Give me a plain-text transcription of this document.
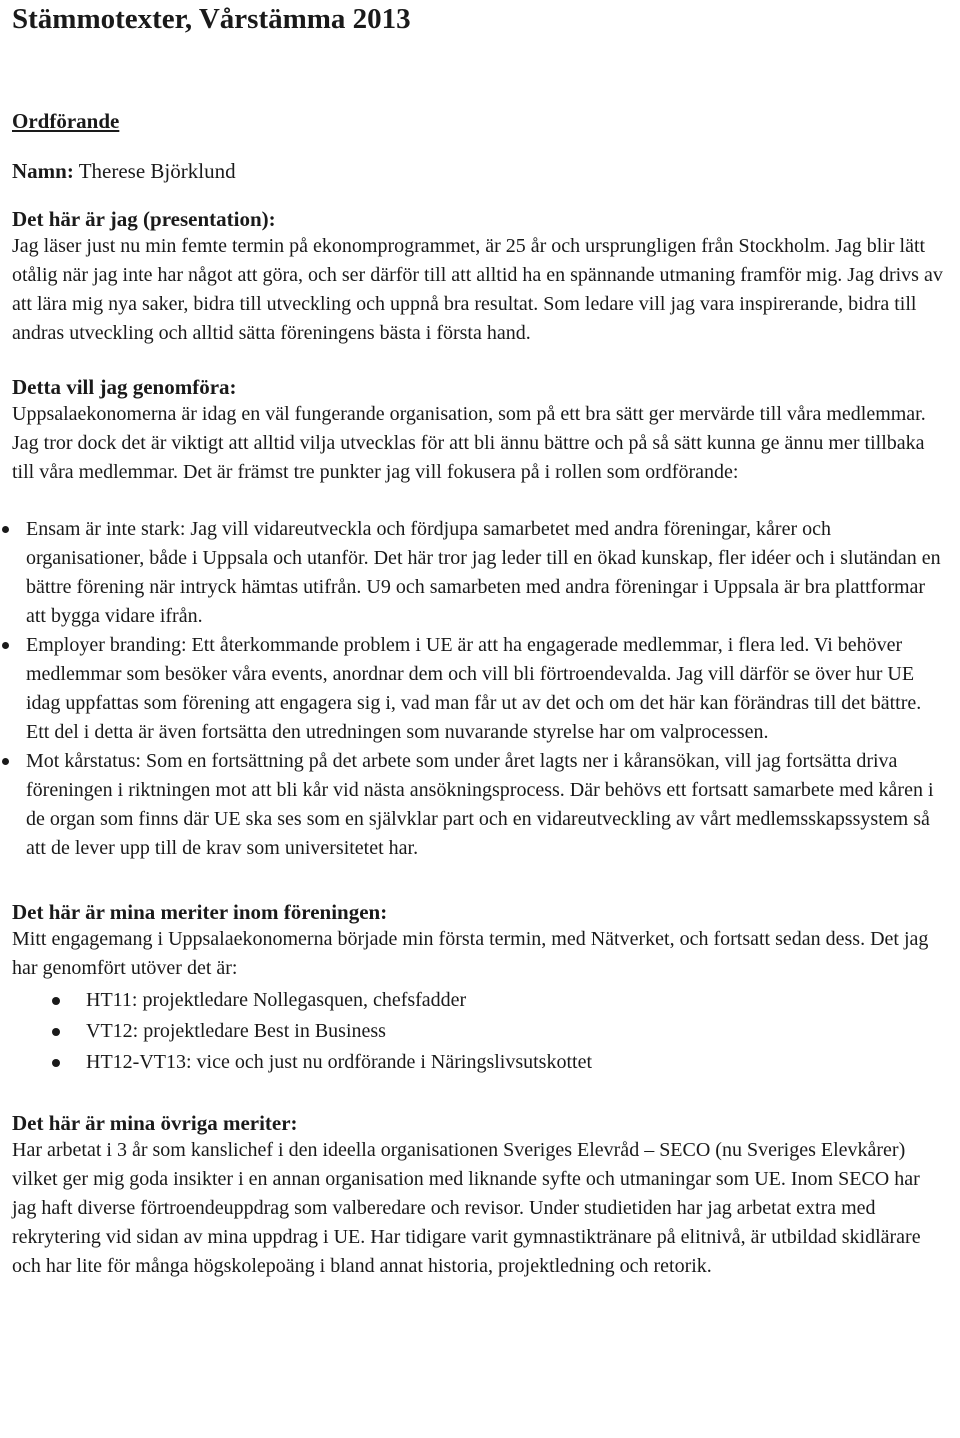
Stämmotexter, Vårstämma 2013
Ordförande
Namn: Therese Björklund
Det här är jag (presentation):

Jag läser just nu min femte termin på ekonomprogrammet, är 25 år och ursprungligen från Stockholm. Jag blir lätt otålig när jag inte har något att göra, och ser därför till att alltid ha en spännande utmaning framför mig. Jag drivs av att lära mig nya saker, bidra till utveckling och uppnå bra resultat. Som ledare vill jag vara inspirerande, bidra till andras utveckling och alltid sätta föreningens bästa i första hand.

Detta vill jag genomföra:

Uppsalaekonomerna är idag en väl fungerande organisation, som på ett bra sätt ger mervärde till våra medlemmar. Jag tror dock det är viktigt att alltid vilja utvecklas för att bli ännu bättre och på så sätt kunna ge ännu mer tillbaka till våra medlemmar. Det är främst tre punkter jag vill fokusera på i rollen som ordförande:

Ensam är inte stark: Jag vill vidareutveckla och fördjupa samarbetet med andra föreningar, kårer och organisationer, både i Uppsala och utanför. Det här tror jag leder till en ökad kunskap, fler idéer och i slutändan en bättre förening när intryck hämtas utifrån. U9 och samarbeten med andra föreningar i Uppsala är bra plattformar att bygga vidare ifrån.
Employer branding: Ett återkommande problem i UE är att ha engagerade medlemmar, i flera led. Vi behöver medlemmar som besöker våra events, anordnar dem och vill bli förtroendevalda. Jag vill därför se över hur UE idag uppfattas som förening att engagera sig i, vad man får ut av det och om det här kan förändras till det bättre. Ett del i detta är även fortsätta den utredningen som nuvarande styrelse har om valprocessen.
Mot kårstatus: Som en fortsättning på det arbete som under året lagts ner i kåransökan, vill jag fortsätta driva föreningen i riktningen mot att bli kår vid nästa ansökningsprocess. Där behövs ett fortsatt samarbete med kåren i de organ som finns där UE ska ses som en självklar part och en vidareutveckling av vårt medlemsskapssystem så att de lever upp till de krav som universitetet har.
Det här är mina meriter inom föreningen:

Mitt engagemang i Uppsalaekonomerna började min första termin, med Nätverket, och fortsatt sedan dess. Det jag har genomfört utöver det är:

HT11: projektledare Nollegasquen, chefsfadder
VT12: projektledare Best in Business
HT12-VT13: vice och just nu ordförande i Näringslivsutskottet
Det här är mina övriga meriter:

Har arbetat i 3 år som kanslichef i den ideella organisationen Sveriges Elevråd – SECO (nu Sveriges Elevkårer) vilket ger mig goda insikter i en annan organisation med liknande syfte och utmaningar som UE. Inom SECO har jag haft diverse förtroendeuppdrag som valberedare och revisor. Under studietiden har jag arbetat extra med rekrytering vid sidan av mina uppdrag i UE. Har tidigare varit gymnastiktränare på elitnivå, är utbildad skidlärare och har lite för många högskolepoäng i bland annat historia, projektledning och retorik.
